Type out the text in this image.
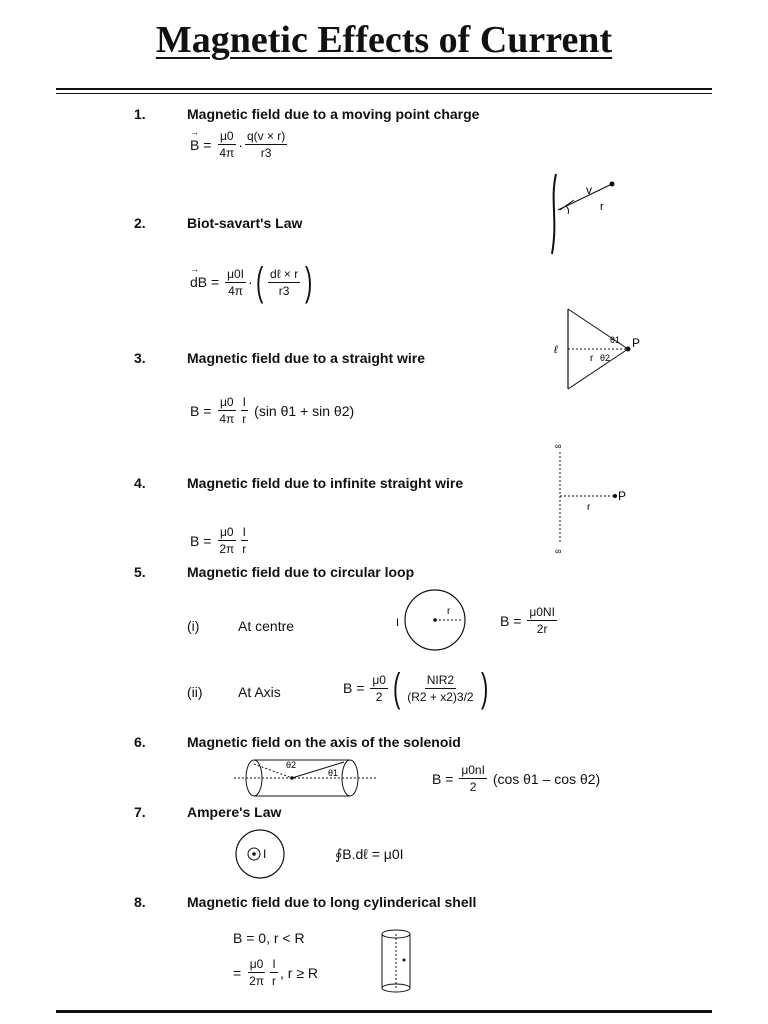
Magnetic Effects of Current
1.	Magnetic field due to a moving point charge
→ $B = \frac{\mu 0}{4\pi} \cdot \frac{q(v \times r)}{r3}$
v
r
2.	Biot-savart's Law
→ dB = $\frac{\mu 0I}{4\pi}$ · ( $\frac{\text{dℓ × r}}{r3}$ )
3.	Magnetic field due to a straight wire
$B = \frac{\mu 0}{4\pi} \frac{I}{r}$
(sin θ1 + sin θ2)
ℓ
θ1
r θ2
P
4.	Magnetic field due to infinite straight wire
$B = \frac{\mu 0}{2\pi} \frac{I}{r}$
∞
P
r
∞
5.	Magnetic field due to circular loop
(i)	At centre	I
r
$B = \frac{\mu 0NI}{2r}$
(ii)	At Axis	$B = \frac{\mu 0}{2}$ ( $\frac{\text{NIR2}}{(R2 + x2)3/2}$ )
6.	Magnetic field on the axis of the solenoid
θ2
θ1	$B = \frac{\mu 0nI}{2}$
(cos θ1 – cos θ2)
7.	Ampere's Law
I	∮B.dℓ = μ0I
8.	Magnetic field due to long cylinderical shell
B = 0, r < R
=
$\frac{\mu 0}{2\pi} \frac{I}{r}$ , r ≥ R
